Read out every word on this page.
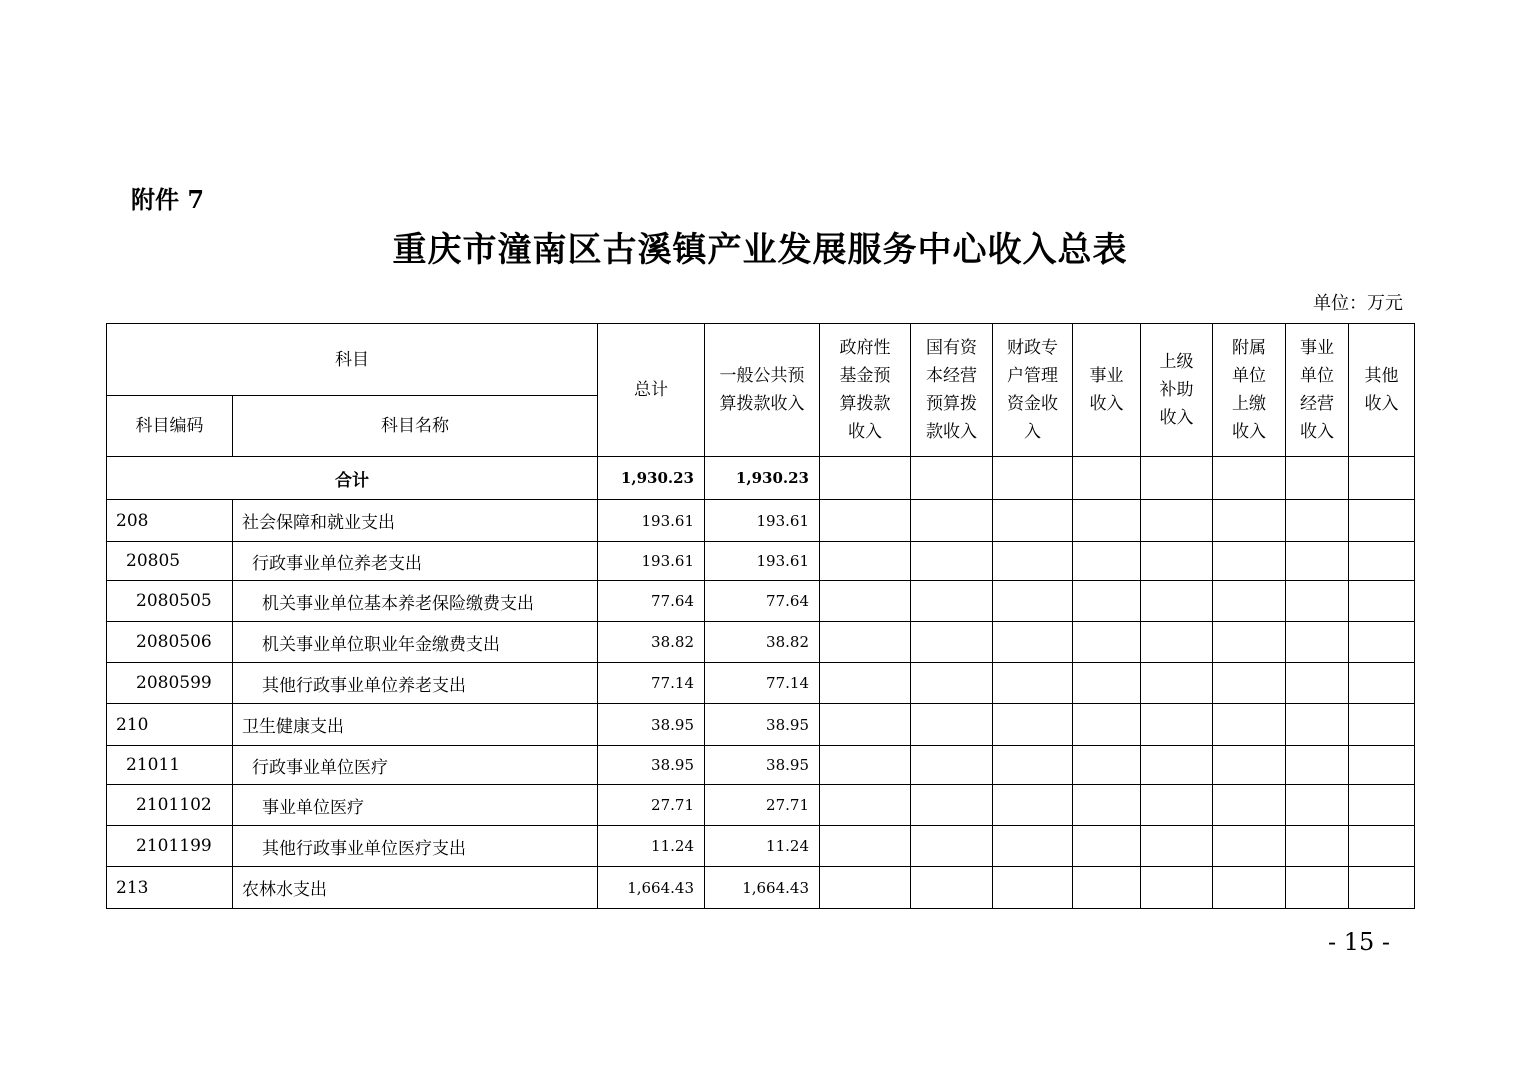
附件 7
重庆市潼南区古溪镇产业发展服务中心收入总表
单位：万元
科目		总计	一般公共预算拨款收入	政府性基金预算拨款收入	国有资本经营预算拨款收入	财政专户管理资金收入	事业收入	上级补助收入	附属单位上缴收入	事业单位经营收入	其他收入

科目编码	科目名称										
合计		1,930.23	1,930.23								
208	社会保障和就业支出	193.61	193.61								
20805	行政事业单位养老支出	193.61	193.61								
2080505	机关事业单位基本养老保险缴费支出	77.64	77.64								
2080506	机关事业单位职业年金缴费支出	38.82	38.82								
2080599	其他行政事业单位养老支出	77.14	77.14								
210	卫生健康支出	38.95	38.95								
21011	行政事业单位医疗	38.95	38.95								
2101102	事业单位医疗	27.71	27.71								
2101199	其他行政事业单位医疗支出	11.24	11.24								
213	农林水支出	1,664.43	1,664.43								
- 15 -
